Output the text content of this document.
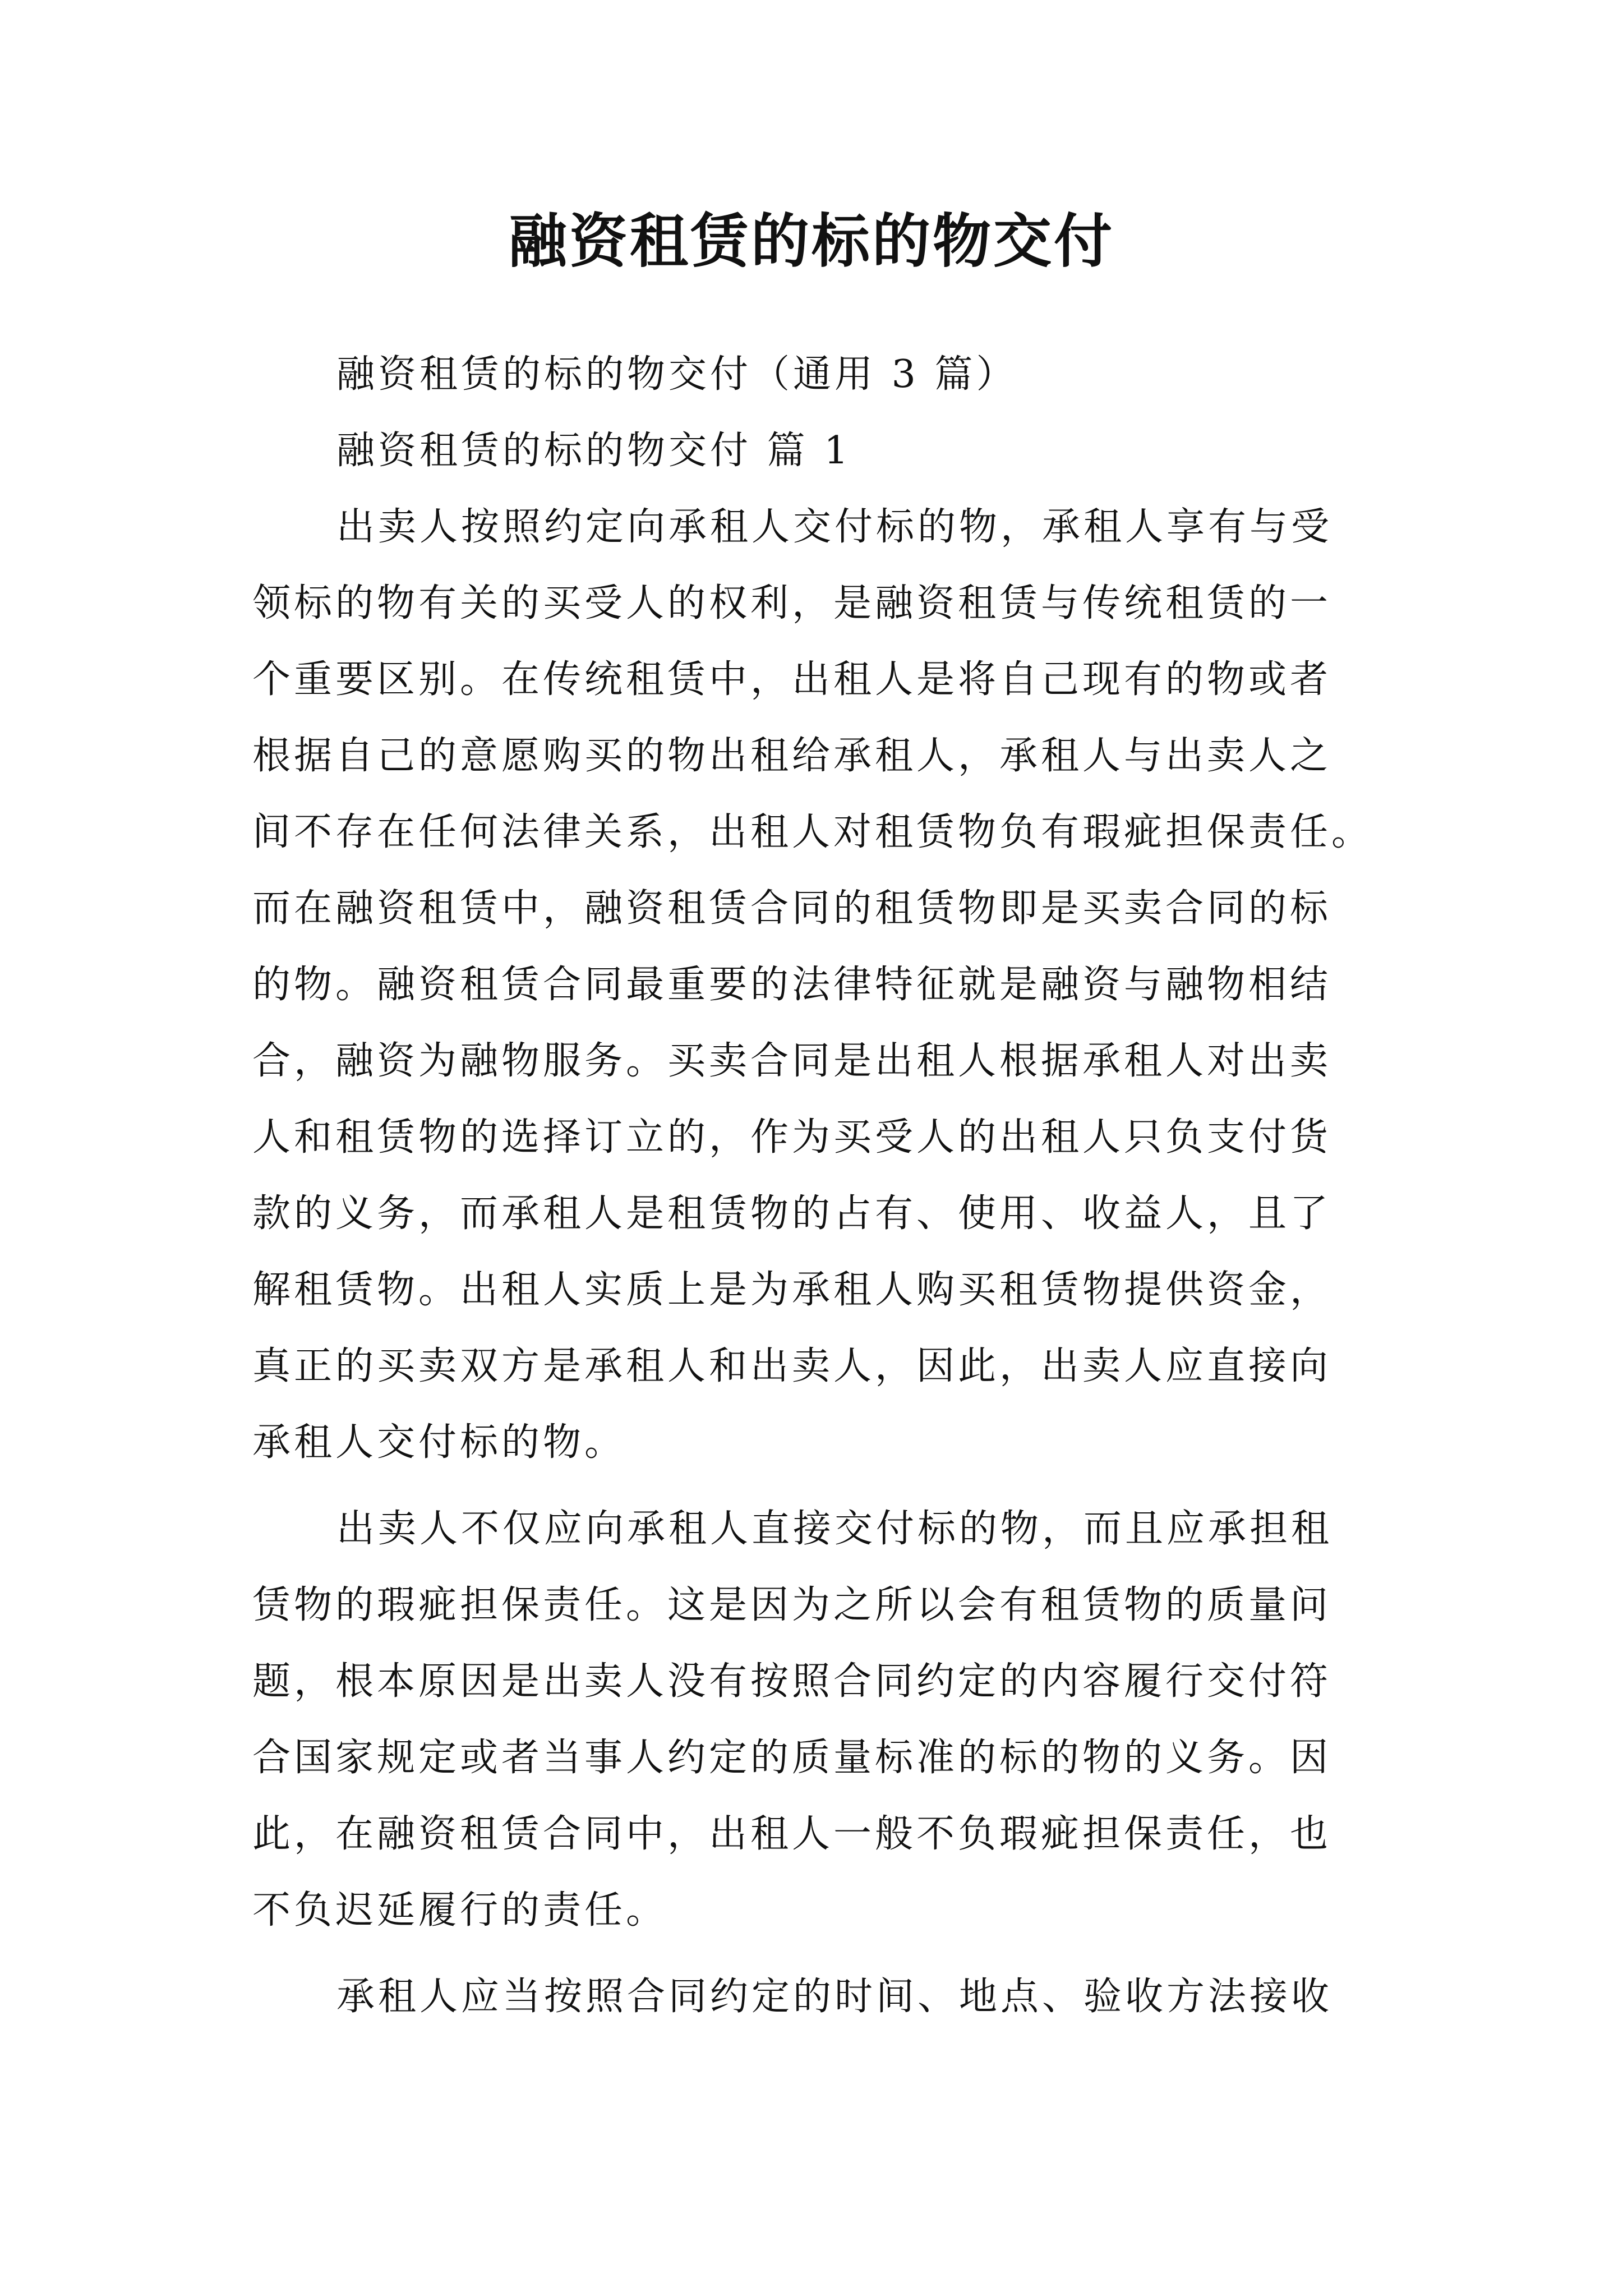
融资租赁的标的物交付
融资租赁的标的物交付（通用 3 篇）
融资租赁的标的物交付 篇 1
出卖人按照约定向承租人交付标的物，承租人享有与受
领标的物有关的买受人的权利，是融资租赁与传统租赁的一
个重要区别。在传统租赁中，出租人是将自己现有的物或者
根据自己的意愿购买的物出租给承租人，承租人与出卖人之
间不存在任何法律关系，出租人对租赁物负有瑕疵担保责任。
而在融资租赁中，融资租赁合同的租赁物即是买卖合同的标
的物。融资租赁合同最重要的法律特征就是融资与融物相结
合，融资为融物服务。买卖合同是出租人根据承租人对出卖
人和租赁物的选择订立的，作为买受人的出租人只负支付货
款的义务，而承租人是租赁物的占有、使用、收益人，且了
解租赁物。出租人实质上是为承租人购买租赁物提供资金，
真正的买卖双方是承租人和出卖人，因此，出卖人应直接向
承租人交付标的物。
出卖人不仅应向承租人直接交付标的物，而且应承担租
赁物的瑕疵担保责任。这是因为之所以会有租赁物的质量问
题，根本原因是出卖人没有按照合同约定的内容履行交付符
合国家规定或者当事人约定的质量标准的标的物的义务。因
此，在融资租赁合同中，出租人一般不负瑕疵担保责任，也
不负迟延履行的责任。
承租人应当按照合同约定的时间、地点、验收方法接收
